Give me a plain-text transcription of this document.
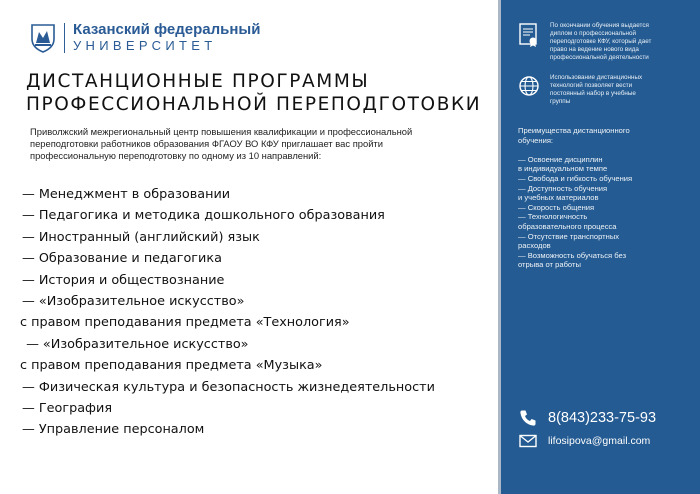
Казанский федеральный
УНИВЕРСИТЕТ
ДИСТАНЦИОННЫЕ ПРОГРАММЫ
ПРОФЕССИОНАЛЬНОЙ ПЕРЕПОДГОТОВКИ
Приволжский межрегиональный центр повышения квалификации и профессиональной
переподготовки работников образования ФГАОУ ВО КФУ приглашает вас пройти
профессиональную переподготовку по одному из 10 направлений:
— Менеджмент в образовании
— Педагогика и методика дошкольного образования
— Иностранный (английский) язык
— Образование и педагогика
— История и обществознание
— «Изобразительное искусство»
с правом преподавания предмета «Технология»
— «Изобразительное искусство»
с правом преподавания предмета «Музыка»
— Физическая культура и безопасность жизнедеятельности
— География
— Управление персоналом
По окончании обучения выдается
диплом о профессиональной
переподготовке КФУ, который дает
право на ведение нового вида
профессиональной деятельности
Использование дистанционных
технологий позволяет вести
постоянный набор в учебные
группы
Преимущества дистанционного
обучения:
— Освоение дисциплин
в индивидуальном темпе
— Свобода и гибкость обучения
— Доступность обучения
и учебных материалов
— Скорость общения
— Технологичность
образовательного процесса
— Отсутствие транспортных
расходов
— Возможность обучаться без
отрыва от работы
8(843)233-75-93
lifosipova@gmail.com
